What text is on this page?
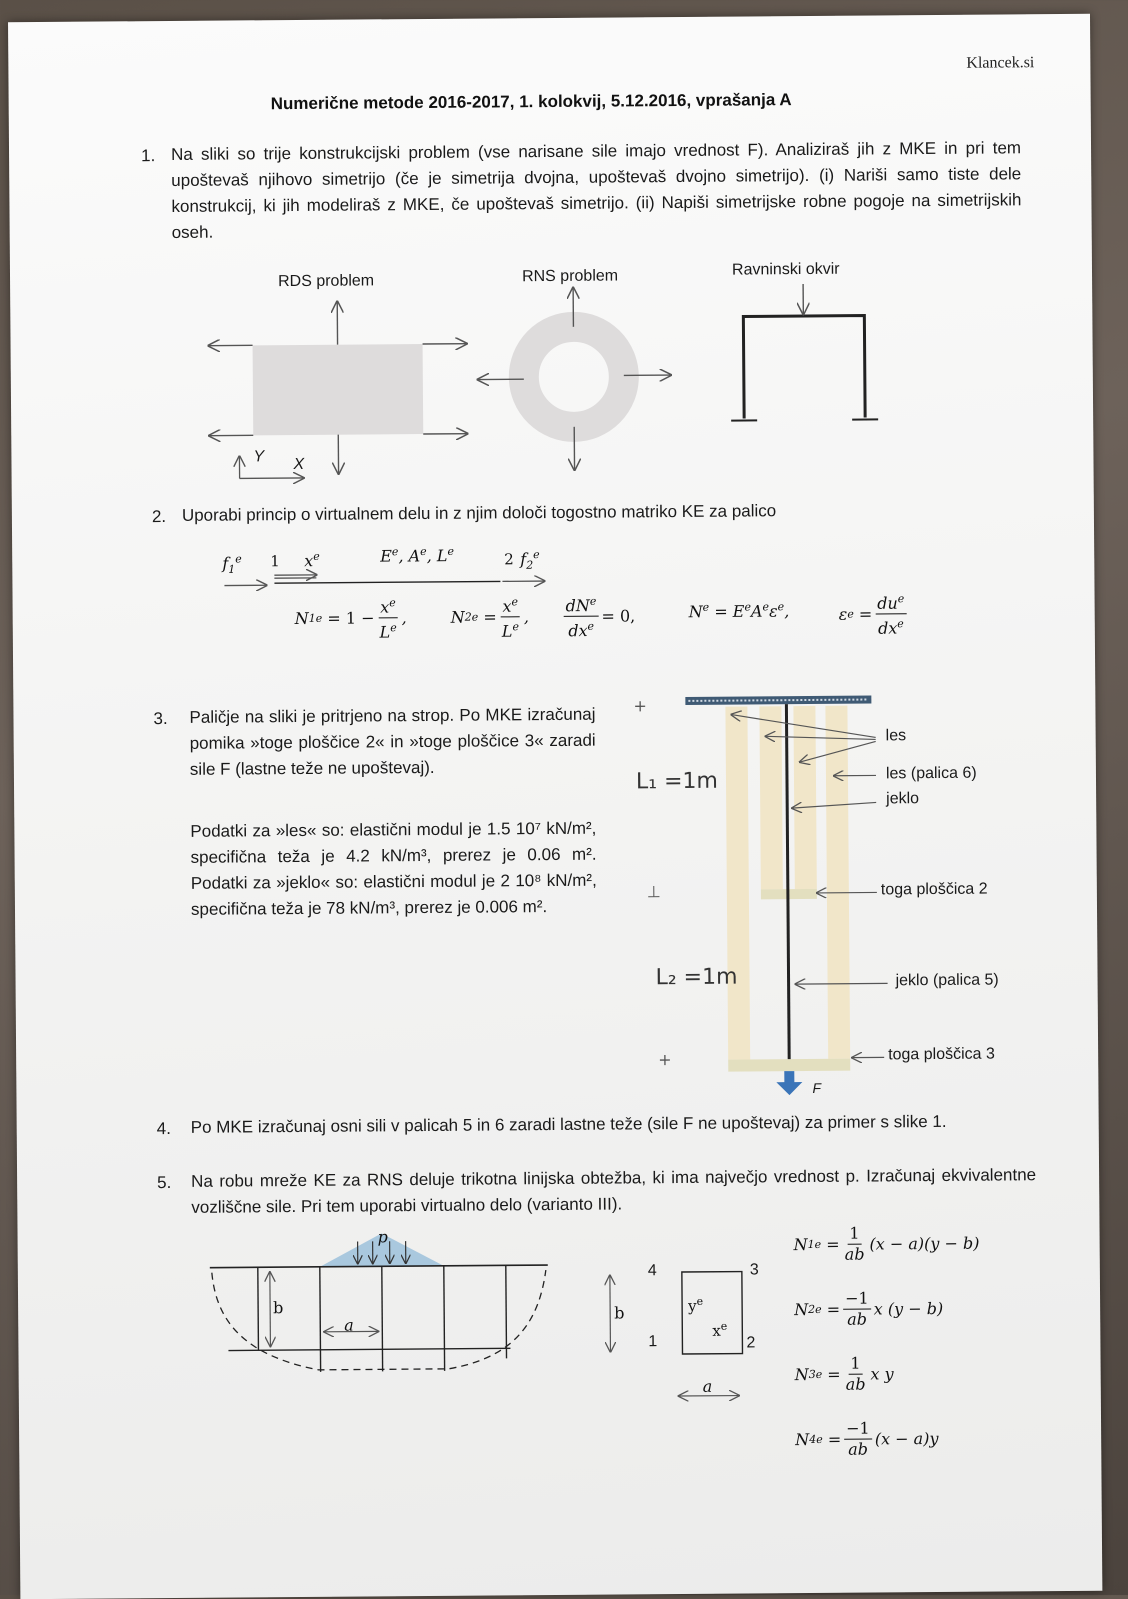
+
⊥
+
Klancek.si
Numerične metode 2016-2017, 1. kolokvij, 5.12.2016, vprašanja A
1. Na sliki so trije konstrukcijski problem (vse narisane sile imajo vrednost F). Analiziraš jih z MKE in pri tem upoštevaš njihovo simetrijo (če je simetrija dvojna, upoštevaš dvojno simetrijo). (i) Nariši samo tiste dele konstrukcij, ki jih modeliraš z MKE, če upoštevaš simetrijo. (ii) Napiši simetrijske robne pogoje na simetrijskih oseh.
RDS problem	RNS problem	Ravninski okvir
Y X
2. Uporabi princip o virtualnem delu in z njim določi togostno matriko KE za palico
$f_1^e$ 1 $x^e$	$E^e$, $A^e$, Le	2 $f_2^e$
N 1 e
= $1 - \frac{x^e}{L^e}$ ,	N 2 e
= $\frac{x^e}{L^e}$ , $\frac{dN^e}{dx^e} = 0$,	$N^e = E^eA^e\varepsilon^e$,	ε $e = \frac{du^e}{dx^e}$
3. Paličje na sliki je pritrjeno na strop. Po MKE izračunaj pomika »toge ploščice 2« in »toge ploščice 3« zaradi sile F (lastne teže ne upoštevaj).
Podatki za »les« so: elastični modul je 1.5 10⁷ kN/m², specifična teža je 4.2 kN/m³, prerez je 0.06 m². Podatki za »jeklo« so: elastični modul je 2 10⁸ kN/m², specifična teža je 78 kN/m³, prerez je 0.006 m².
L₁ =1m
L₂ =1m
les
les (palica 6)
jeklo
toga ploščica 2
jeklo (palica 5)
toga ploščica 3
F
4. Po MKE izračunaj osni sili v palicah 5 in 6 zaradi lastne teže (sile F ne upoštevaj) za primer s slike 1.
5. Na robu mreže KE za RNS deluje trikotna linijska obtežba, ki ima največjo vrednost p. Izračunaj ekvivalentne vozliščne sile. Pri tem uporabi virtualno delo (varianto III).
p
b
a
b
a
$y^e$
$x^e$
4	3
1	2
N 1 $e = \frac{1}{ab} (x - a)(y - b)$
N 2 $e = \frac{-1}{ab}$ x (y − b)
N 3 $e = \frac{1}{ab}$ x y
N 4 $e = \frac{-1}{ab} (x - a)y$
